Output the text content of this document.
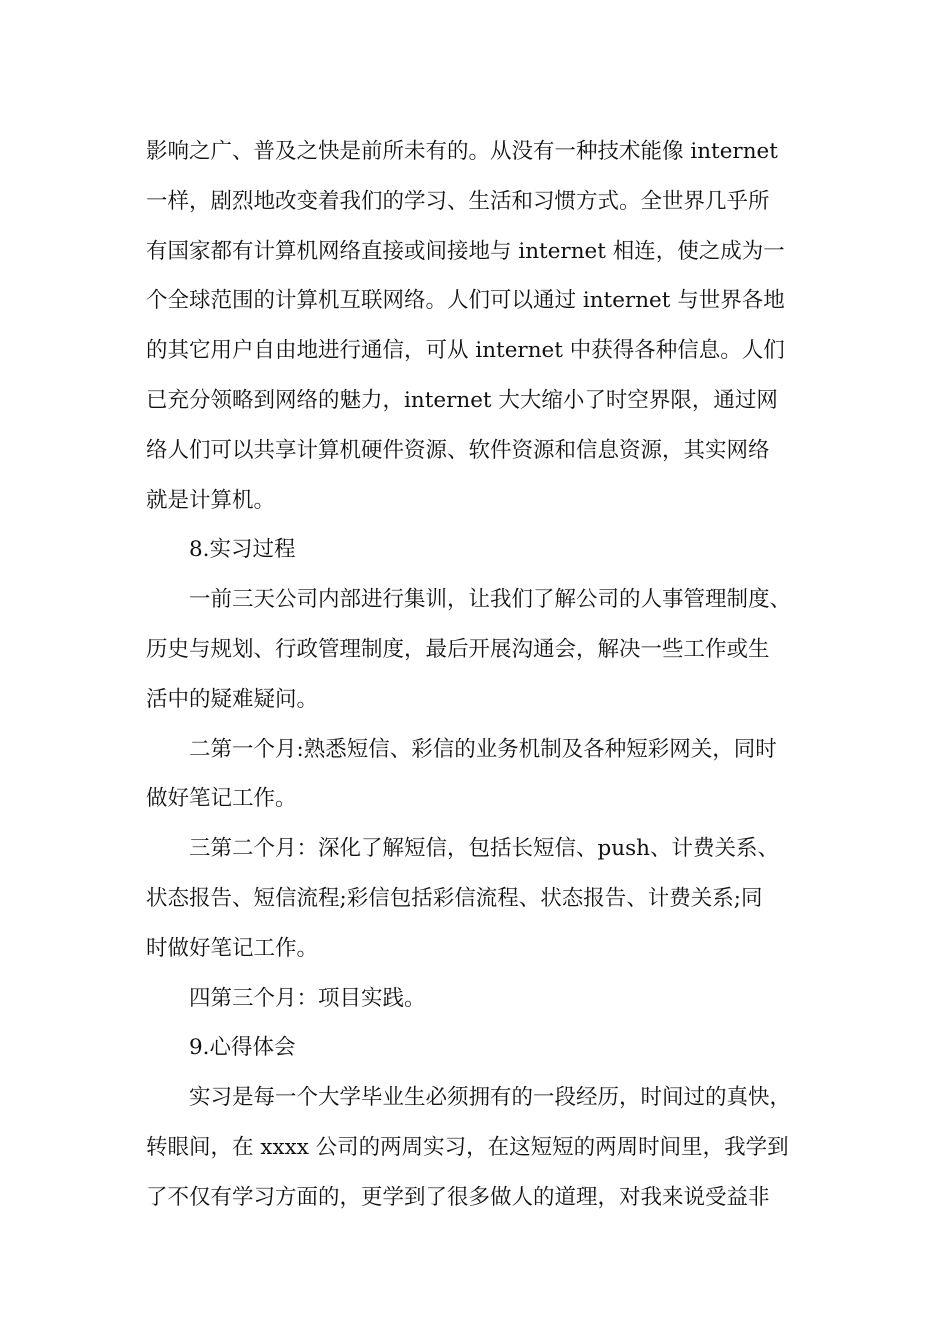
影响之广、普及之快是前所未有的。从没有一种技术能像 internet
一样，剧烈地改变着我们的学习、生活和习惯方式。全世界几乎所
有国家都有计算机网络直接或间接地与 internet 相连，使之成为一
个全球范围的计算机互联网络。人们可以通过 internet 与世界各地
的其它用户自由地进行通信，可从 internet 中获得各种信息。人们
已充分领略到网络的魅力，internet 大大缩小了时空界限，通过网
络人们可以共享计算机硬件资源、软件资源和信息资源，其实网络
就是计算机。
8.实习过程
一前三天公司内部进行集训，让我们了解公司的人事管理制度、
历史与规划、行政管理制度，最后开展沟通会，解决一些工作或生
活中的疑难疑问。
二第一个月:熟悉短信、彩信的业务机制及各种短彩网关，同时
做好笔记工作。
三第二个月：深化了解短信，包括长短信、push、计费关系、
状态报告、短信流程;彩信包括彩信流程、状态报告、计费关系;同
时做好笔记工作。
四第三个月：项目实践。
9.心得体会
实习是每一个大学毕业生必须拥有的一段经历，时间过的真快，
转眼间，在 xxxx 公司的两周实习，在这短短的两周时间里，我学到
了不仅有学习方面的，更学到了很多做人的道理，对我来说受益非
